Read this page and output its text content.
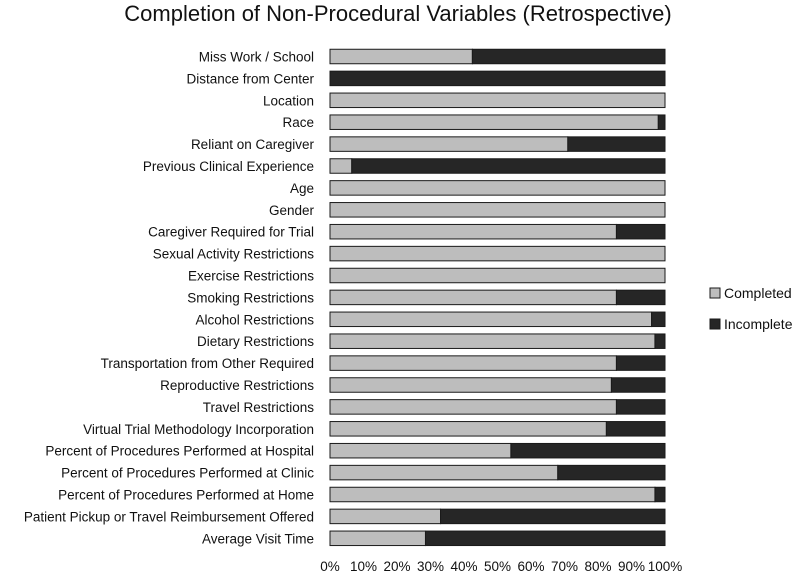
Completion of Non-Procedural Variables (Retrospective)
Miss Work / School
Distance from Center
Location
Race
Reliant on Caregiver
Previous Clinical Experience
Age
Gender
Caregiver Required for Trial
Sexual Activity Restrictions
Exercise Restrictions
Smoking Restrictions
Alcohol Restrictions
Dietary Restrictions
Transportation from Other Required
Reproductive Restrictions
Travel Restrictions
Virtual Trial Methodology Incorporation
Percent of Procedures Performed at Hospital
Percent of Procedures Performed at Clinic
Percent of Procedures Performed at Home
Patient Pickup or Travel Reimbursement Offered
Average Visit Time
0% 10% 20% 30% 40% 50% 60% 70% 80% 90% 100%
Completed
Incomplete
